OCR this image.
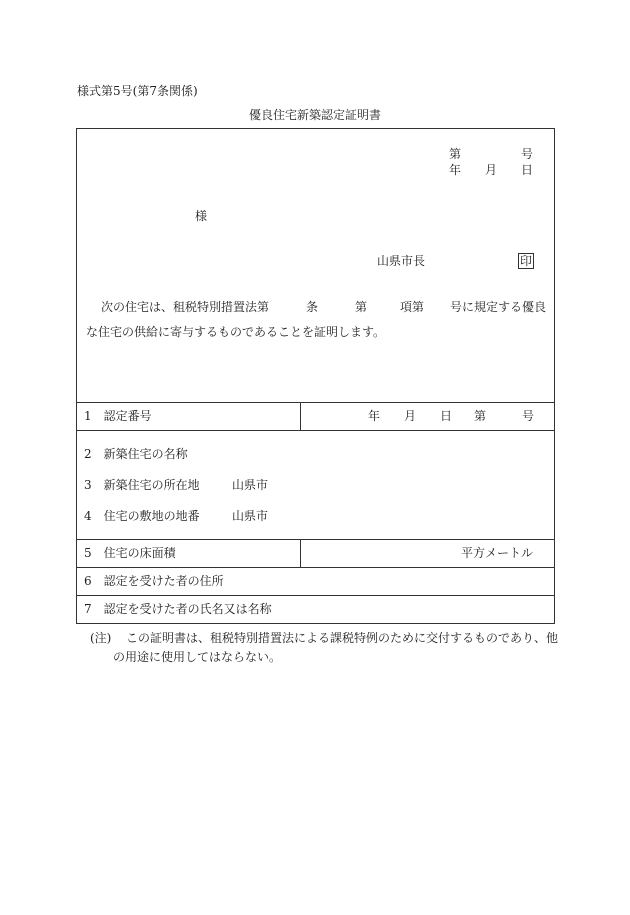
様式第5号(第7条関係)
優良住宅新築認定証明書
第	号
年 月 日
様
山県市長	印
次の住宅は、租税特別措置法第	条	第	項第 号に規定する優良
な住宅の供給に寄与するものであることを証明します。
1　認定番号	年 月 日 第	号
2　新築住宅の名称
3　新築住宅の所在地	山県市
4　住宅の敷地の地番	山県市
5　住宅の床面積	平方メートル
6　認定を受けた者の住所
7　認定を受けた者の氏名又は名称
(注) この証明書は、租税特別措置法による課税特例のために交付するものであり、他
の用途に使用してはならない。
